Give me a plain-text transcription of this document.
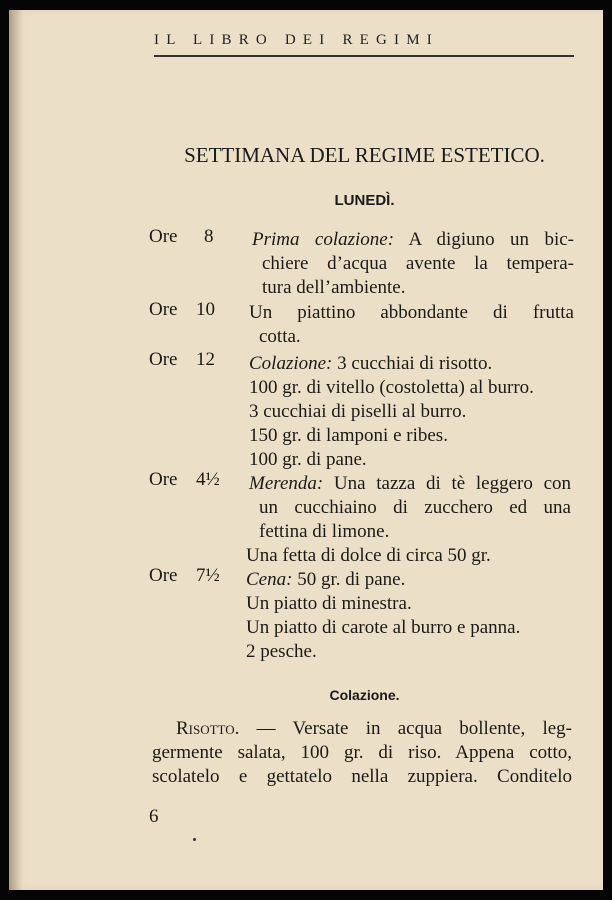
IL LIBRO DEI REGIMI
SETTIMANA DEL REGIME ESTETICO.
LUNEDÌ.
Ore 8 Prima colazione: A digiuno un bic-
chiere d’acqua avente la tempera-
tura dell’ambiente.
Ore 10 Un piattino abbondante di frutta
cotta.
Ore 12 Colazione: 3 cucchiai di risotto.
100 gr. di vitello (costoletta) al burro.
3 cucchiai di piselli al burro.
150 gr. di lamponi e ribes.
100 gr. di pane.
Ore 4½ Merenda: Una tazza di tè leggero con
un cucchiaino di zucchero ed una
fettina di limone.
Una fetta di dolce di circa 50 gr.
Ore 7½ Cena: 50 gr. di pane.
Un piatto di minestra.
Un piatto di carote al burro e panna.
2 pesche.
Colazione.
Risotto. — Versate in acqua bollente, leg-
germente salata, 100 gr. di riso. Appena cotto,
scolatelo e gettatelo nella zuppiera. Conditelo
6
